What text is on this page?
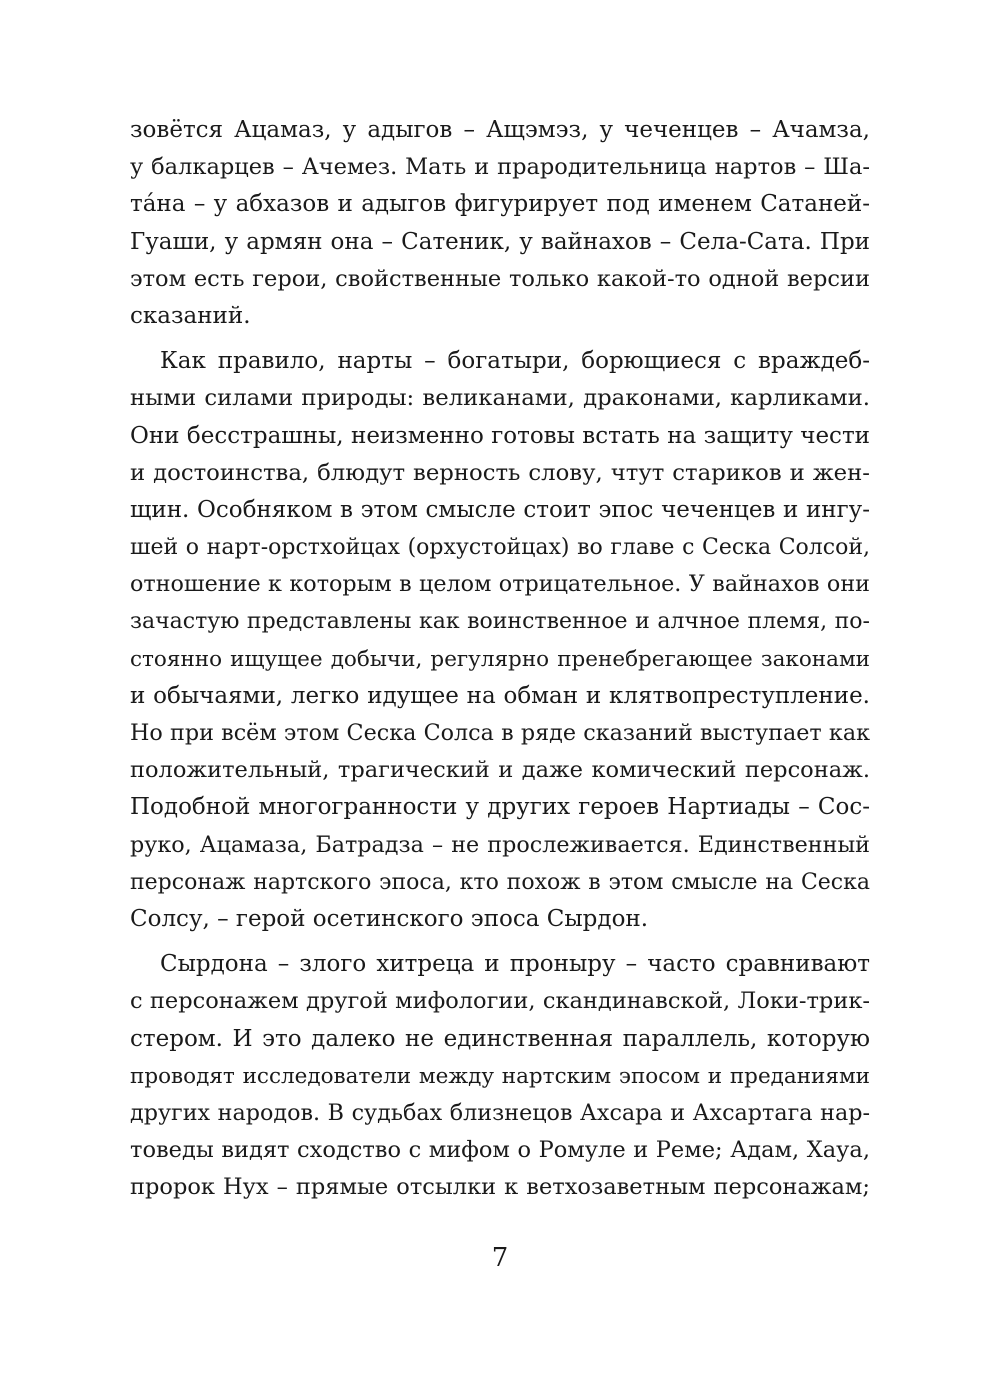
зовётся Ацамаз, у адыгов – Ащэмэз, у чеченцев – Ачамза,
у балкарцев – Ачемез. Мать и прародительница нартов – Ша-
та́на – у абхазов и адыгов фигурирует под именем Сатаней-
Гуаши, у армян она – Сатеник, у вайнахов – Села-Сата. При
этом есть герои, свойственные только какой-то одной версии
сказаний.
Как правило, нарты – богатыри, борющиеся с враждеб-
ными силами природы: великанами, драконами, карликами.
Они бесстрашны, неизменно готовы встать на защиту чести
и достоинства, блюдут верность слову, чтут стариков и жен-
щин. Особняком в этом смысле стоит эпос чеченцев и ингу-
шей о нарт-орстхойцах (орхустойцах) во главе с Сеска Солсой,
отношение к которым в целом отрицательное. У вайнахов они
зачастую представлены как воинственное и алчное племя, по-
стоянно ищущее добычи, регулярно пренебрегающее законами
и обычаями, легко идущее на обман и клятвопреступление.
Но при всём этом Сеска Солса в ряде сказаний выступает как
положительный, трагический и даже комический персонаж.
Подобной многогранности у других героев Нартиады – Сос-
руко, Ацамаза, Батрадза – не прослеживается. Единственный
персонаж нартского эпоса, кто похож в этом смысле на Сеска
Солсу, – герой осетинского эпоса Сырдон.
Сырдона – злого хитреца и проныру – часто сравнивают
с персонажем другой мифологии, скандинавской, Локи-трик-
стером. И это далеко не единственная параллель, которую
проводят исследователи между нартским эпосом и преданиями
других народов. В судьбах близнецов Ахсара и Ахсартага нар-
товеды видят сходство с мифом о Ромуле и Реме; Адам, Хауа,
пророк Нух – прямые отсылки к ветхозаветным персонажам;
7
